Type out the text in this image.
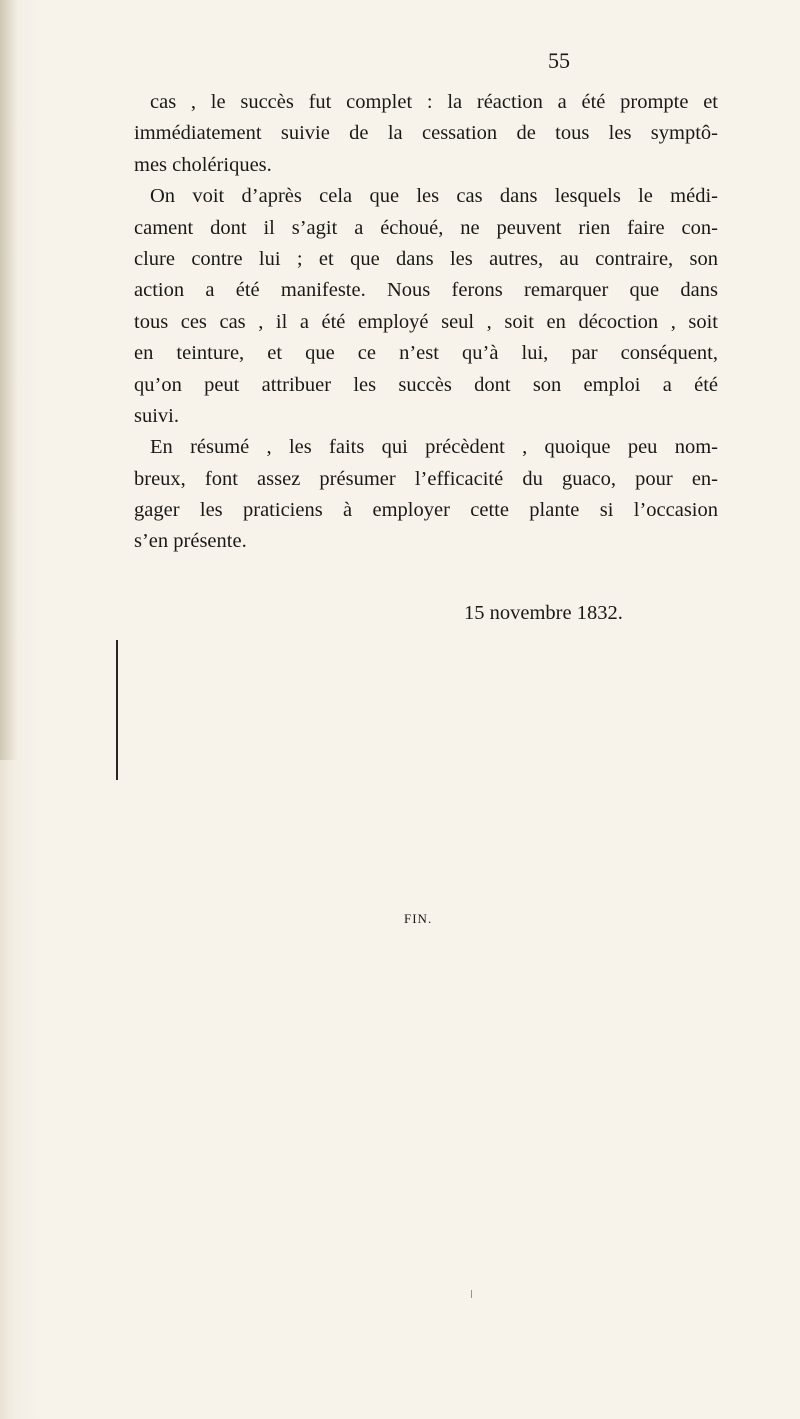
55
cas , le succès fut complet : la réaction a été prompte et
immédiatement suivie de la cessation de tous les symptô-
mes cholériques.
On voit d’après cela que les cas dans lesquels le médi-
cament dont il s’agit a échoué, ne peuvent rien faire con-
clure contre lui ; et que dans les autres, au contraire, son
action a été manifeste. Nous ferons remarquer que dans
tous ces cas , il a été employé seul , soit en décoction , soit
en teinture, et que ce n’est qu’à lui, par conséquent,
qu’on peut attribuer les succès dont son emploi a été
suivi.
En résumé , les faits qui précèdent , quoique peu nom-
breux, font assez présumer l’efficacité du guaco, pour en-
gager les praticiens à employer cette plante si l’occasion
s’en présente.
15 novembre 1832.
FIN.
